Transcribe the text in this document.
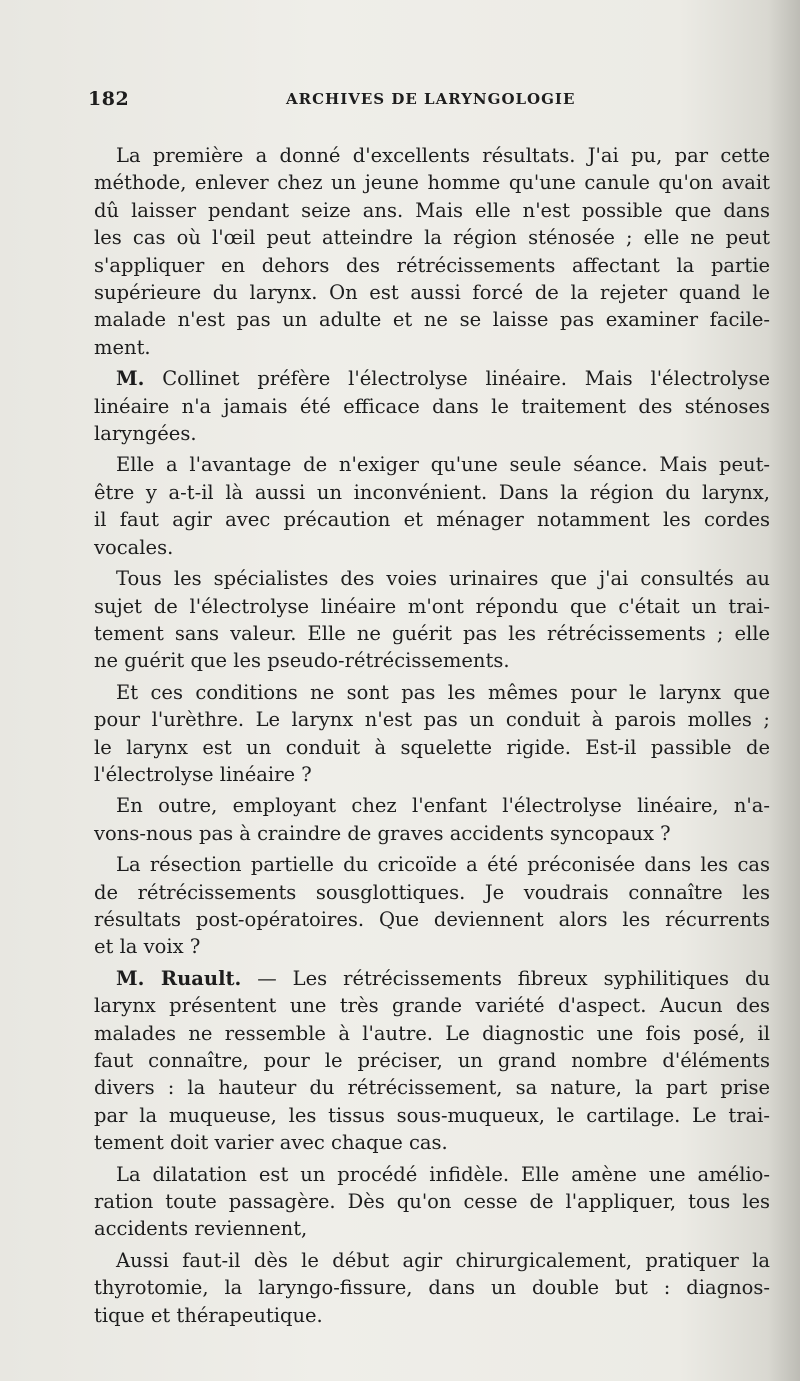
182	ARCHIVES DE LARYNGOLOGIE
La première a donné d'excellents résultats. J'ai pu, par cette
méthode, enlever chez un jeune homme qu'une canule qu'on avait
dû laisser pendant seize ans. Mais elle n'est possible que dans
les cas où l'œil peut atteindre la région sténosée ; elle ne peut
s'appliquer en dehors des rétrécissements affectant la partie
supérieure du larynx. On est aussi forcé de la rejeter quand le
malade n'est pas un adulte et ne se laisse pas examiner facile-
ment.
M. Collinet préfère l'électrolyse linéaire. Mais l'électrolyse
linéaire n'a jamais été efficace dans le traitement des sténoses
laryngées.
Elle a l'avantage de n'exiger qu'une seule séance. Mais peut-
être y a-t-il là aussi un inconvénient. Dans la région du larynx,
il faut agir avec précaution et ménager notamment les cordes
vocales.
Tous les spécialistes des voies urinaires que j'ai consultés au
sujet de l'électrolyse linéaire m'ont répondu que c'était un trai-
tement sans valeur. Elle ne guérit pas les rétrécissements ; elle
ne guérit que les pseudo-rétrécissements.
Et ces conditions ne sont pas les mêmes pour le larynx que
pour l'urèthre. Le larynx n'est pas un conduit à parois molles ;
le larynx est un conduit à squelette rigide. Est-il passible de
l'électrolyse linéaire ?
En outre, employant chez l'enfant l'électrolyse linéaire, n'a-
vons-nous pas à craindre de graves accidents syncopaux ?
La résection partielle du cricoïde a été préconisée dans les cas
de rétrécissements sousglottiques. Je voudrais connaître les
résultats post-opératoires. Que deviennent alors les récurrents
et la voix ?
M. Ruault. — Les rétrécissements fibreux syphilitiques du
larynx présentent une très grande variété d'aspect. Aucun des
malades ne ressemble à l'autre. Le diagnostic une fois posé, il
faut connaître, pour le préciser, un grand nombre d'éléments
divers : la hauteur du rétrécissement, sa nature, la part prise
par la muqueuse, les tissus sous-muqueux, le cartilage. Le trai-
tement doit varier avec chaque cas.
La dilatation est un procédé infidèle. Elle amène une amélio-
ration toute passagère. Dès qu'on cesse de l'appliquer, tous les
accidents reviennent,
Aussi faut-il dès le début agir chirurgicalement, pratiquer la
thyrotomie, la laryngo-fissure, dans un double but : diagnos-
tique et thérapeutique.
